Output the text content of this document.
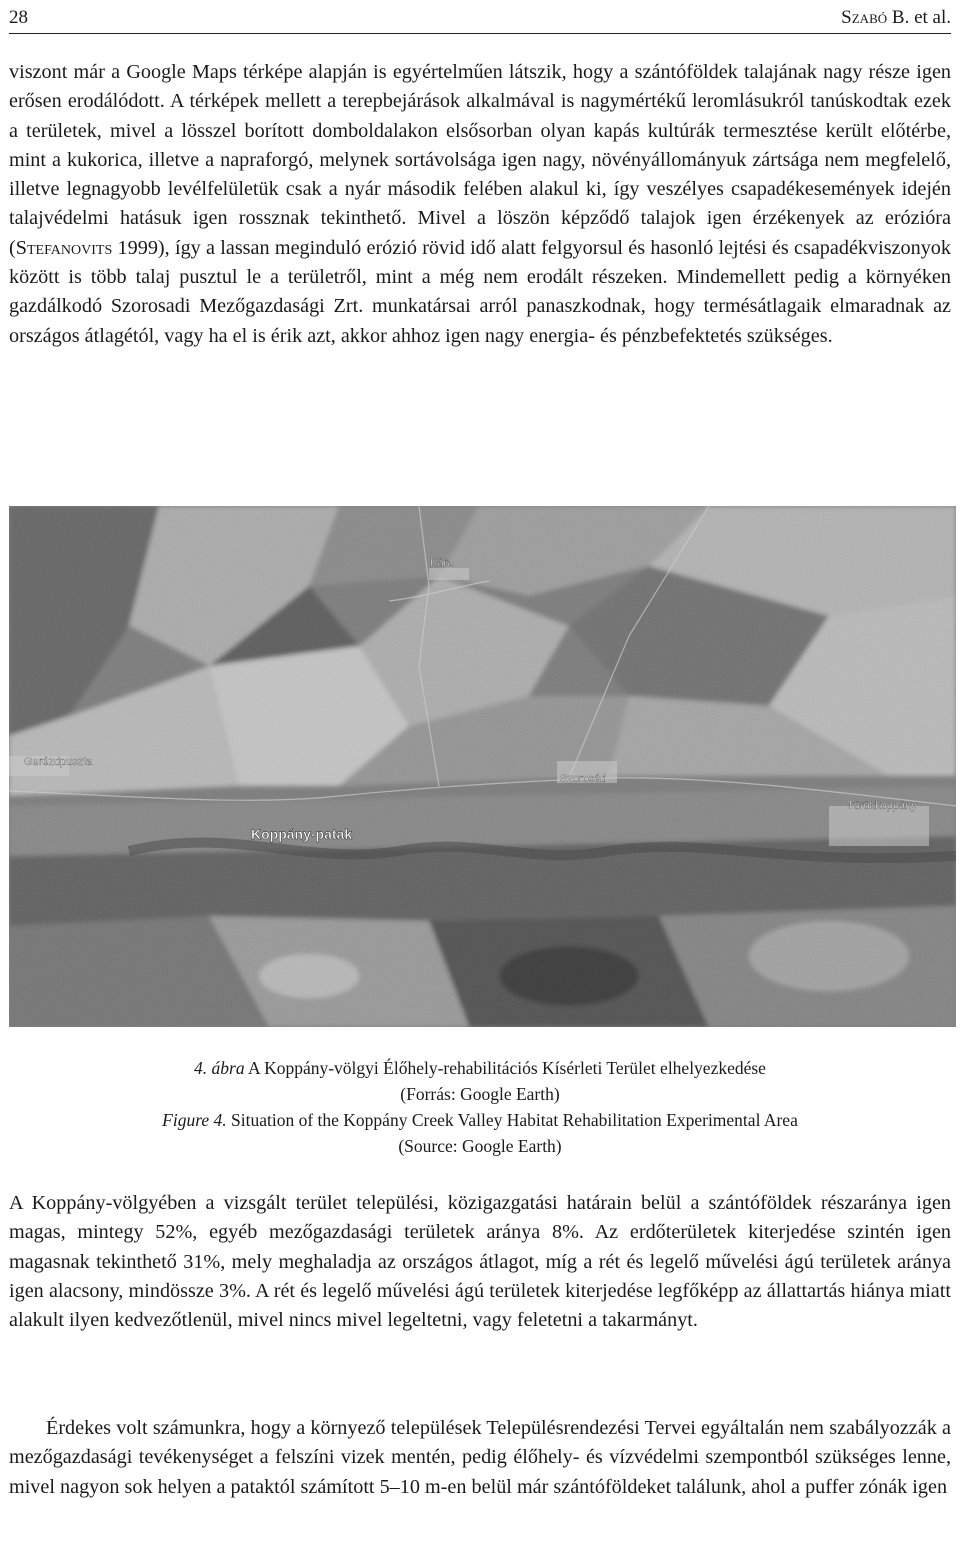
28	Szabó B. et al.

viszont már a Google Maps térképe alapján is egyértelműen látszik, hogy a szántóföldek talajának nagy része igen erősen erodálódott. A térképek mellett a terepbejárások alkalmával is nagymértékű leromlásukról tanúskodtak ezek a területek, mivel a lösszel borított domboldalakon elsősorban olyan kapás kultúrák termesztése került előtérbe, mint a kukorica, illetve a napraforgó, melynek sortávolsága igen nagy, növényállományuk zártsága nem megfelelő, illetve legnagyobb levélfelületük csak a nyár második felében alakul ki, így veszélyes csapadékesemények idején talajvédelmi hatásuk igen rossznak tekinthető. Mivel a löszön képződő talajok igen érzékenyek az erózióra (Stefanovits 1999), így a lassan meginduló erózió rövid idő alatt felgyorsul és hasonló lejtési és csapadékviszonyok között is több talaj pusztul le a területről, mint a még nem erodált részeken. Mindemellett pedig a környéken gazdálkodó Szorosadi Mezőgazdasági Zrt. munkatársai arról panaszkodnak, hogy termésátlagaik elmaradnak az országos átlagétól, vagy ha el is érik azt, akkor ahhoz igen nagy energia- és pénzbefektetés szükséges.

Kára
Gerézdpuszta
Szorosád
Törökkoppány
Koppány-patak
4. ábra A Koppány-völgyi Élőhely-rehabilitációs Kísérleti Terület elhelyezkedése
(Forrás: Google Earth)
Figure 4. Situation of the Koppány Creek Valley Habitat Rehabilitation Experimental Area
(Source: Google Earth)

A Koppány-völgyében a vizsgált terület települési, közigazgatási határain belül a szántóföldek részaránya igen magas, mintegy 52%, egyéb mezőgazdasági területek aránya 8%. Az erdőterületek kiterjedése szintén igen magasnak tekinthető 31%, mely meghaladja az országos átlagot, míg a rét és legelő művelési ágú területek aránya igen alacsony, mindössze 3%. A rét és legelő művelési ágú területek kiterjedése legfőképp az állattartás hiánya miatt alakult ilyen kedvezőtlenül, mivel nincs mivel legeltetni, vagy feletetni a takarmányt.

Érdekes volt számunkra, hogy a környező települések Településrendezési Tervei egyáltalán nem szabályozzák a mezőgazdasági tevékenységet a felszíni vizek mentén, pedig élőhely- és vízvédelmi szempontból szükséges lenne, mivel nagyon sok helyen a pataktól számított 5–10 m-en belül már szántóföldeket találunk, ahol a puffer zónák igen
